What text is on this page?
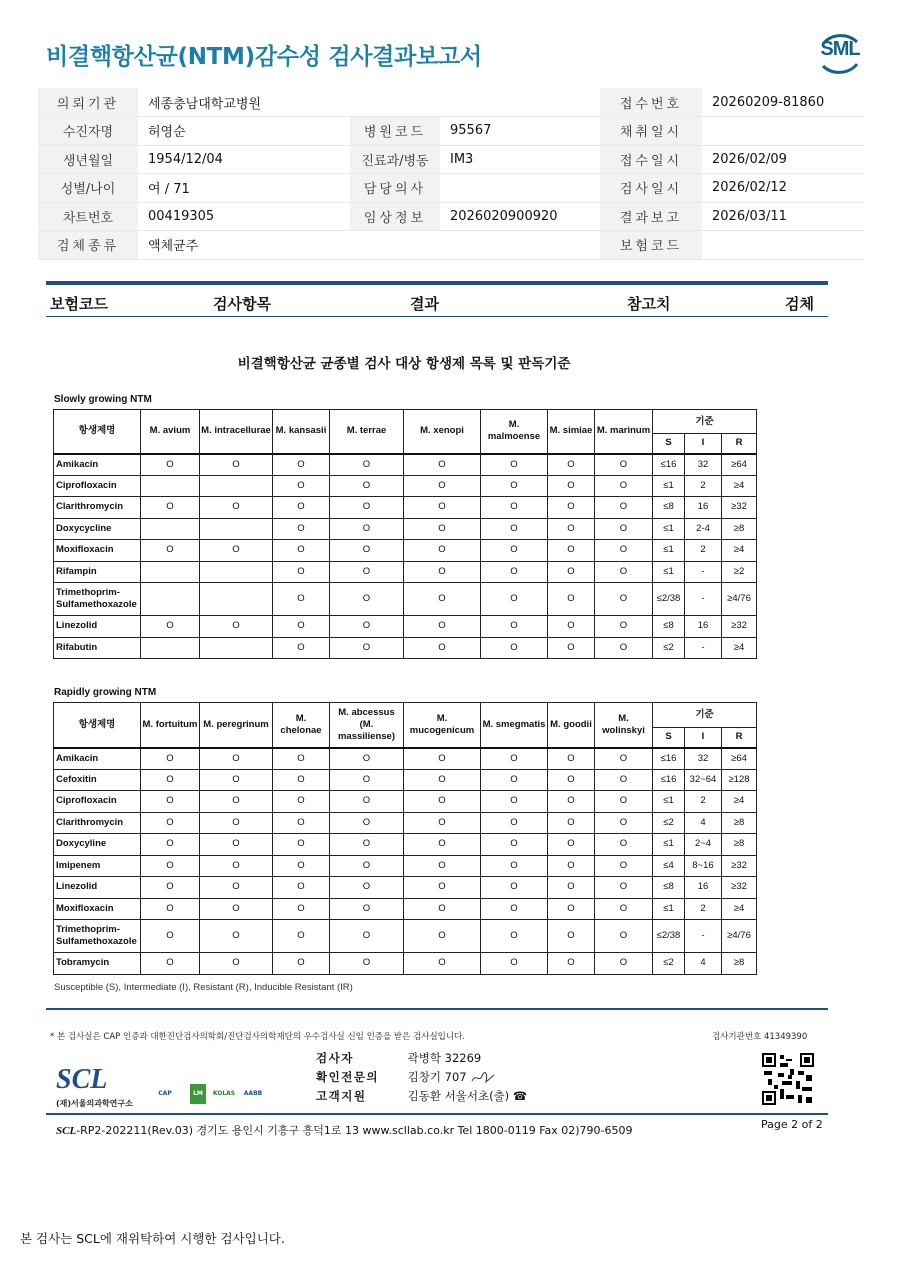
비결핵항산균(NTM)감수성 검사결과보고서	SML
의뢰기관	세종충남대학교병원			접수번호	20260209-81860
수진자명	허영순	병원코드	95567	채취일시	
생년월일	1954/12/04	진료과/병동	IM3	접수일시	2026/02/09
성별/나이	여 / 71	담당의사		검사일시	2026/02/12
차트번호	00419305	임상정보	2026020900920	결과보고	2026/03/11
검체종류	액체균주			보험코드	
보험코드	검사항목	결과	참고치	검체
비결핵항산균 균종별 검사 대상 항생제 목록 및 판독기준
Slowly growing NTM
항생제명	M. avium	M. intracellurae	M. kansasii	M. terrae	M. xenopi	M. malmoense	M. simiae	M. marinum	기준		
									S	I	R
Amikacin	O	O	O	O	O	O	O	O	≤16	32	≥64
Ciprofloxacin			O	O	O	O	O	O	≤1	2	≥4
Clarithromycin	O	O	O	O	O	O	O	O	≤8	16	≥32
Doxycycline			O	O	O	O	O	O	≤1	2-4	≥8
Moxifloxacin	O	O	O	O	O	O	O	O	≤1	2	≥4
Rifampin			O	O	O	O	O	O	≤1	-	≥2
Trimethoprim-Sulfamethoxazole			O	O	O	O	O	O	≤2/38	-	≥4/76
Linezolid	O	O	O	O	O	O	O	O	≤8	16	≥32
Rifabutin			O	O	O	O	O	O	≤2	-	≥4
Rapidly growing NTM
항생제명	M. fortuitum	M. peregrinum	M. chelonae	M. abcessus (M. massiliense)	M. mucogenicum	M. smegmatis	M. goodii	M. wolinskyi	기준		
									S	I	R
Amikacin	O	O	O	O	O	O	O	O	≤16	32	≥64
Cefoxitin	O	O	O	O	O	O	O	O	≤16	32~64	≥128
Ciprofloxacin	O	O	O	O	O	O	O	O	≤1	2	≥4
Clarithromycin	O	O	O	O	O	O	O	O	≤2	4	≥8
Doxycyline	O	O	O	O	O	O	O	O	≤1	2~4	≥8
Imipenem	O	O	O	O	O	O	O	O	≤4	8~16	≥32
Linezolid	O	O	O	O	O	O	O	O	≤8	16	≥32
Moxifloxacin	O	O	O	O	O	O	O	O	≤1	2	≥4
Trimethoprim-Sulfamethoxazole	O	O	O	O	O	O	O	O	≤2/38	-	≥4/76
Tobramycin	O	O	O	O	O	O	O	O	≤2	4	≥8
Susceptible (S), Intermediate (I), Resistant (R), Inducible Resistant (IR)
* 본 검사실은 CAP 인증과 대한진단검사의학회/진단검사의학재단의 우수검사실 신임 인증을 받은 검사실입니다.	검사기관번호 41349390
SCL
(재)서울의과학연구소
CAP	LM	KOLAS	AABB
검사자	곽병학 32269
확인전문의 김창기 707
고객지원	김동환 서울서초(출) ☎
SCL-RP2-202211(Rev.03) 경기도 용인시 기흥구 흥덕1로 13 www.scllab.co.kr Tel 1800-0119 Fax 02)790-6509	Page 2 of 2
본 검사는 SCL에 재위탁하여 시행한 검사입니다.
